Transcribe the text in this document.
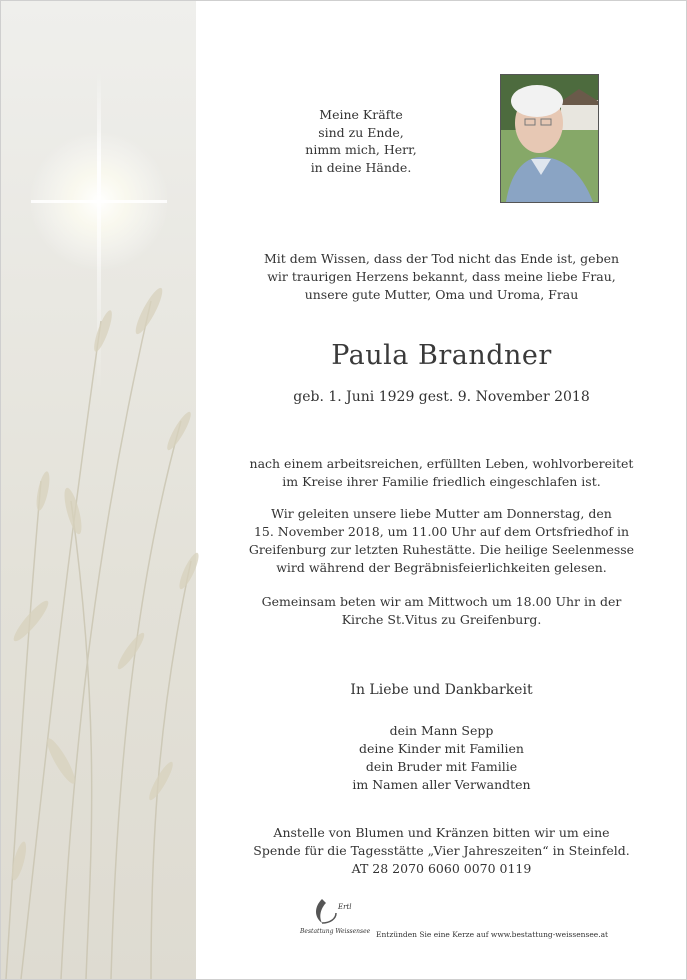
Meine Kräfte
sind zu Ende,
nimm mich, Herr,
in deine Hände.
Mit dem Wissen, dass der Tod nicht das Ende ist, geben
wir traurigen Herzens bekannt, dass meine liebe Frau,
unsere gute Mutter, Oma und Uroma, Frau
Paula Brandner
geb. 1. Juni 1929 gest. 9. November 2018
nach einem arbeitsreichen, erfüllten Leben, wohlvorbereitet
im Kreise ihrer Familie friedlich eingeschlafen ist.
Wir geleiten unsere liebe Mutter am Donnerstag, den
15. November 2018, um 11.00 Uhr auf dem Ortsfriedhof in
Greifenburg zur letzten Ruhestätte. Die heilige Seelenmesse
wird während der Begräbnisfeierlichkeiten gelesen.
Gemeinsam beten wir am Mittwoch um 18.00 Uhr in der
Kirche St.Vitus zu Greifenburg.
In Liebe und Dankbarkeit
dein Mann Sepp
deine Kinder mit Familien
dein Bruder mit Familie
im Namen aller Verwandten
Anstelle von Blumen und Kränzen bitten wir um eine
Spende für die Tagesstätte „Vier Jahreszeiten“ in Steinfeld.
AT 28 2070 6060 0070 0119
Ertl
Bestattung Weissensee Entzünden Sie eine Kerze auf www.bestattung-weissensee.at
